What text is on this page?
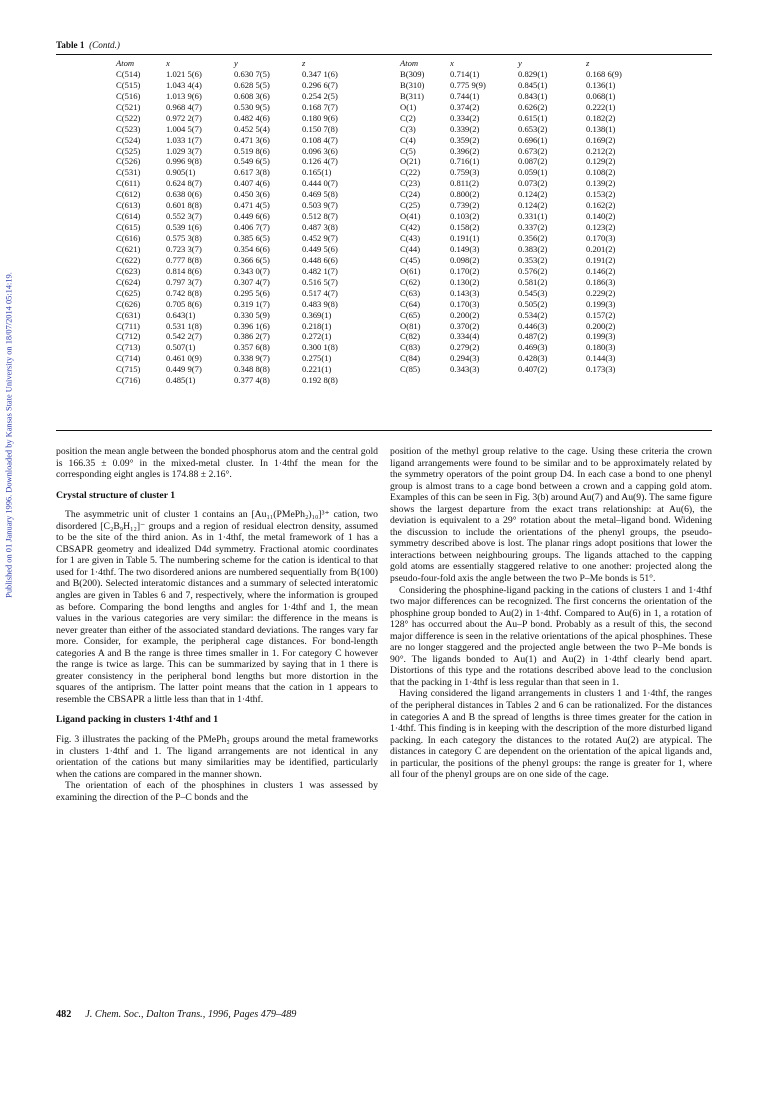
Published on 01 January 1996. Downloaded by Kansas State University on 18/07/2014 05:14:19.
Table 1 (Contd.)
Atom	x	y	z
C(514)	1.021 5(6)	0.630 7(5)	0.347 1(6)
C(515)	1.043 4(4)	0.628 5(5)	0.296 6(7)
C(516)	1.013 9(6)	0.608 3(6)	0.254 2(5)
C(521)	0.968 4(7)	0.530 9(5)	0.168 7(7)
C(522)	0.972 2(7)	0.482 4(6)	0.180 9(6)
C(523)	1.004 5(7)	0.452 5(4)	0.150 7(8)
C(524)	1.033 1(7)	0.471 3(6)	0.108 4(7)
C(525)	1.029 3(7)	0.519 8(6)	0.096 3(6)
C(526)	0.996 9(8)	0.549 6(5)	0.126 4(7)
C(531)	0.905(1)	0.617 3(8)	0.165(1)
C(611)	0.624 8(7)	0.407 4(6)	0.444 0(7)
C(612)	0.638 0(6)	0.450 3(6)	0.469 5(8)
C(613)	0.601 8(8)	0.471 4(5)	0.503 9(7)
C(614)	0.552 3(7)	0.449 6(6)	0.512 8(7)
C(615)	0.539 1(6)	0.406 7(7)	0.487 3(8)
C(616)	0.575 3(8)	0.385 6(5)	0.452 9(7)
C(621)	0.723 3(7)	0.354 6(6)	0.449 5(6)
C(622)	0.777 8(8)	0.366 6(5)	0.448 6(6)
C(623)	0.814 8(6)	0.343 0(7)	0.482 1(7)
C(624)	0.797 3(7)	0.307 4(7)	0.516 5(7)
C(625)	0.742 8(8)	0.295 5(6)	0.517 4(7)
C(626)	0.705 8(6)	0.319 1(7)	0.483 9(8)
C(631)	0.643(1)	0.330 5(9)	0.369(1)
C(711)	0.531 1(8)	0.396 1(6)	0.218(1)
C(712)	0.542 2(7)	0.386 2(7)	0.272(1)
C(713)	0.507(1)	0.357 6(8)	0.300 1(8)
C(714)	0.461 0(9)	0.338 9(7)	0.275(1)
C(715)	0.449 9(7)	0.348 8(8)	0.221(1)
C(716)	0.485(1)	0.377 4(8)	0.192 8(8)
Atom	x	y	z
B(309)	0.714(1)	0.829(1)	0.168 6(9)
B(310)	0.775 9(9)	0.845(1)	0.136(1)
B(311)	0.744(1)	0.843(1)	0.068(1)
O(1)	0.374(2)	0.626(2)	0.222(1)
C(2)	0.334(2)	0.615(1)	0.182(2)
C(3)	0.339(2)	0.653(2)	0.138(1)
C(4)	0.359(2)	0.696(1)	0.169(2)
C(5)	0.396(2)	0.673(2)	0.212(2)
O(21)	0.716(1)	0.087(2)	0.129(2)
C(22)	0.759(3)	0.059(1)	0.108(2)
C(23)	0.811(2)	0.073(2)	0.139(2)
C(24)	0.800(2)	0.124(2)	0.153(2)
C(25)	0.739(2)	0.124(2)	0.162(2)
O(41)	0.103(2)	0.331(1)	0.140(2)
C(42)	0.158(2)	0.337(2)	0.123(2)
C(43)	0.191(1)	0.356(2)	0.170(3)
C(44)	0.149(3)	0.383(2)	0.201(2)
C(45)	0.098(2)	0.353(2)	0.191(2)
O(61)	0.170(2)	0.576(2)	0.146(2)
C(62)	0.130(2)	0.581(2)	0.186(3)
C(63)	0.143(3)	0.545(3)	0.229(2)
C(64)	0.170(3)	0.505(2)	0.199(3)
C(65)	0.200(2)	0.534(2)	0.157(2)
O(81)	0.370(2)	0.446(3)	0.200(2)
C(82)	0.334(4)	0.487(2)	0.199(3)
C(83)	0.279(2)	0.469(3)	0.180(3)
C(84)	0.294(3)	0.428(3)	0.144(3)
C(85)	0.343(3)	0.407(2)	0.173(3)

position the mean angle between the bonded phosphorus atom and the central gold is 166.35 ± 0.09° in the mixed-metal cluster. In 1·4thf the mean for the corresponding eight angles is 174.88 ± 2.16°.

Crystal structure of cluster 1

The asymmetric unit of cluster 1 contains an [Au₁₁(PMePh₂)₁₀]³⁺ cation, two disordered [C₂B₉H₁₂]⁻ groups and a region of residual electron density, assumed to be the site of the third anion. As in 1·4thf, the metal framework of 1 has a CBSAPR geometry and idealized D4d symmetry. Fractional atomic coordinates for 1 are given in Table 5. The numbering scheme for the cation is identical to that used for 1·4thf. The two disordered anions are numbered sequentially from B(100) and B(200). Selected interatomic distances and a summary of selected interatomic angles are given in Tables 6 and 7, respectively, where the information is grouped as before. Comparing the bond lengths and angles for 1·4thf and 1, the mean values in the various categories are very similar: the difference in the means is never greater than either of the associated standard deviations. The ranges vary far more. Consider, for example, the peripheral cage distances. For bond-length categories A and B the range is three times smaller in 1. For category C however the range is twice as large. This can be summarized by saying that in 1 there is greater consistency in the peripheral bond lengths but more distortion in the squares of the antiprism. The latter point means that the cation in 1 appears to resemble the CBSAPR a little less than that in 1·4thf.

Ligand packing in clusters 1·4thf and 1

Fig. 3 illustrates the packing of the PMePh₂ groups around the metal frameworks in clusters 1·4thf and 1. The ligand arrangements are not identical in any orientation of the cations but many similarities may be identified, particularly when the cations are compared in the manner shown.

The orientation of each of the phosphines in clusters 1 was assessed by examining the direction of the P–C bonds and the

position of the methyl group relative to the cage. Using these criteria the crown ligand arrangements were found to be similar and to be approximately related by the symmetry operators of the point group D4. In each case a bond to one phenyl group is almost trans to a cage bond between a crown and a capping gold atom. Examples of this can be seen in Fig. 3(b) around Au(7) and Au(9). The same figure shows the largest departure from the exact trans relationship: at Au(6), the deviation is equivalent to a 29° rotation about the metal–ligand bond. Widening the discussion to include the orientations of the phenyl groups, the pseudo-symmetry described above is lost. The planar rings adopt positions that lower the interactions between neighbouring groups. The ligands attached to the capping gold atoms are essentially staggered relative to one another: projected along the pseudo-four-fold axis the angle between the two P–Me bonds is 51°.

Considering the phosphine-ligand packing in the cations of clusters 1 and 1·4thf two major differences can be recognized. The first concerns the orientation of the phosphine group bonded to Au(2) in 1·4thf. Compared to Au(6) in 1, a rotation of 128° has occurred about the Au–P bond. Probably as a result of this, the second major difference is seen in the relative orientations of the apical phosphines. These are no longer staggered and the projected angle between the two P–Me bonds is 90°. The ligands bonded to Au(1) and Au(2) in 1·4thf clearly bend apart. Distortions of this type and the rotations described above lead to the conclusion that the packing in 1·4thf is less regular than that seen in 1.

Having considered the ligand arrangements in clusters 1 and 1·4thf, the ranges of the peripheral distances in Tables 2 and 6 can be rationalized. For the distances in categories A and B the spread of lengths is three times greater for the cation in 1·4thf. This finding is in keeping with the description of the more disturbed ligand packing. In each category the distances to the rotated Au(2) are atypical. The distances in category C are dependent on the orientation of the apical ligands and, in particular, the positions of the phenyl groups: the range is greater for 1, where all four of the phenyl groups are on one side of the cage.

482 J. Chem. Soc., Dalton Trans., 1996, Pages 479–489
